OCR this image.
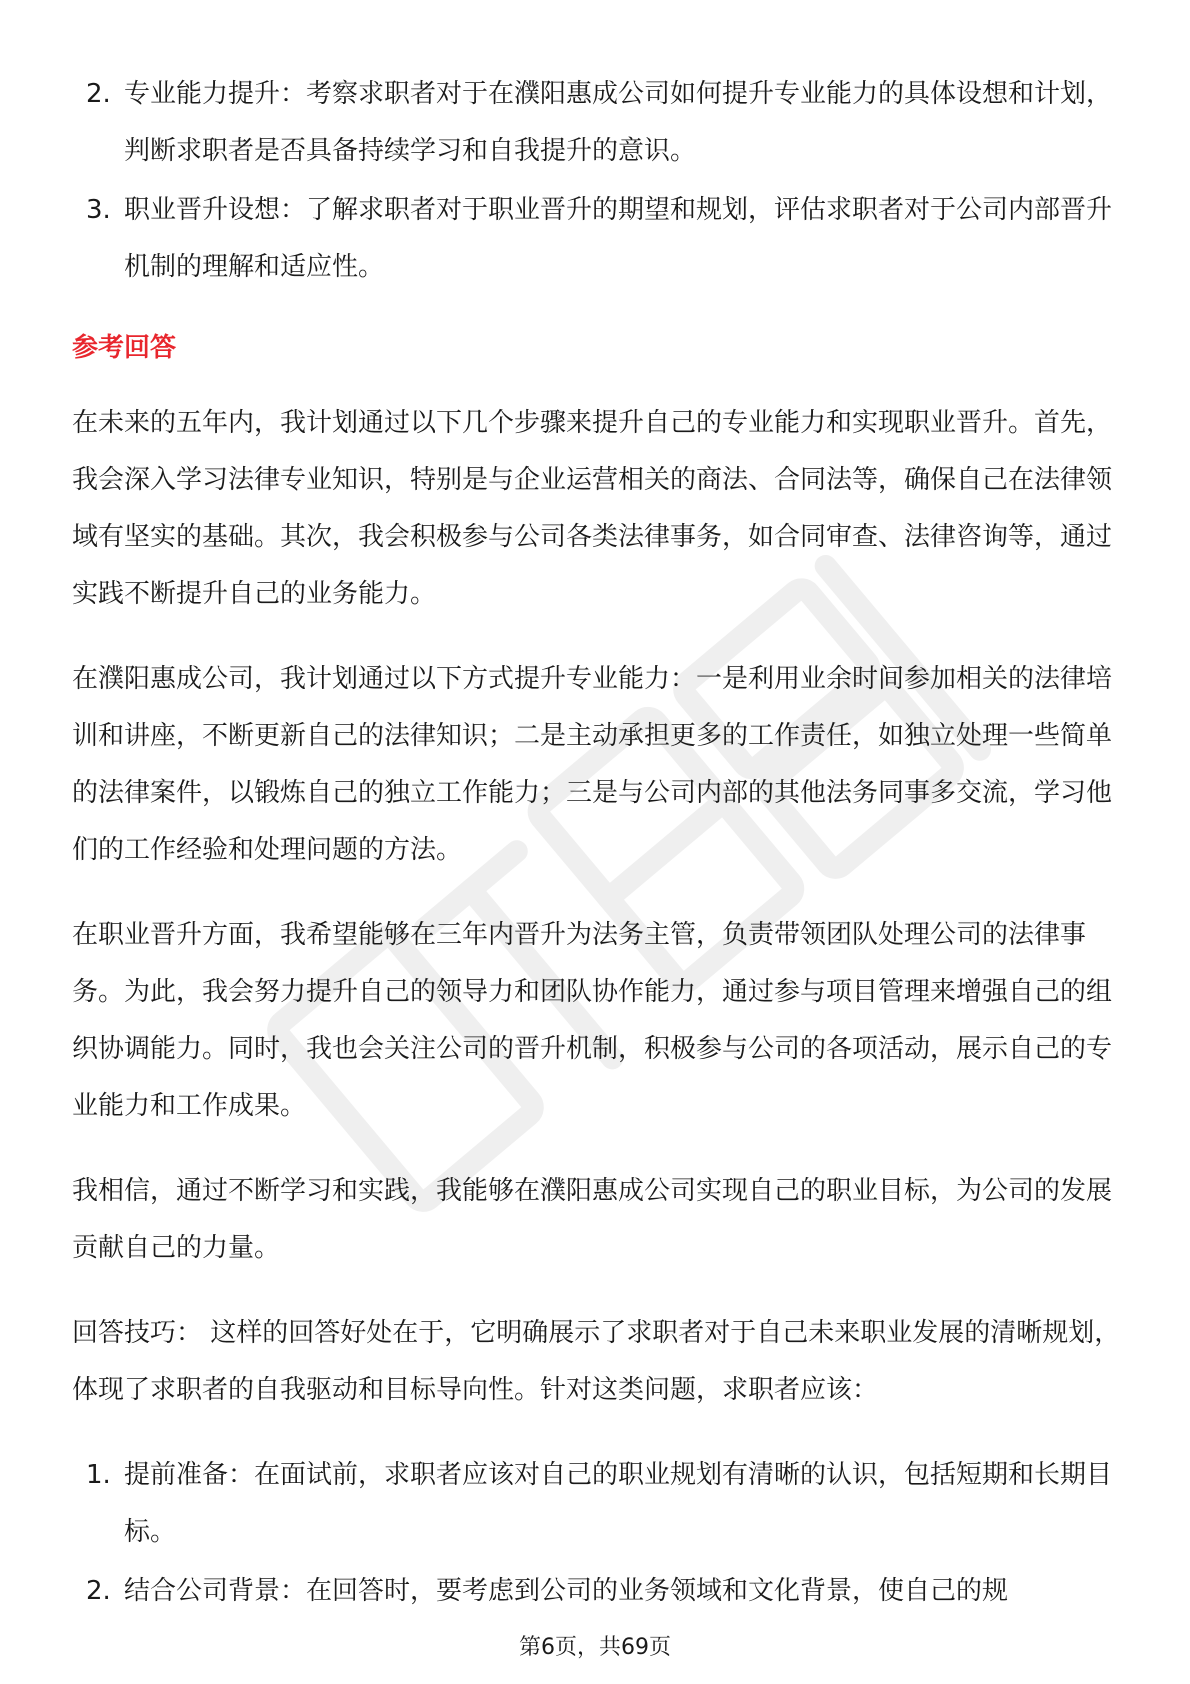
2. 专业能力提升：考察求职者对于在濮阳惠成公司如何提升专业能力的具体设想和计划，判断求职者是否具备持续学习和自我提升的意识。
3. 职业晋升设想：了解求职者对于职业晋升的期望和规划，评估求职者对于公司内部晋升机制的理解和适应性。
参考回答

在未来的五年内，我计划通过以下几个步骤来提升自己的专业能力和实现职业晋升。首先，我会深入学习法律专业知识，特别是与企业运营相关的商法、合同法等，确保自己在法律领域有坚实的基础。其次，我会积极参与公司各类法律事务，如合同审查、法律咨询等，通过实践不断提升自己的业务能力。

在濮阳惠成公司，我计划通过以下方式提升专业能力：一是利用业余时间参加相关的法律培训和讲座，不断更新自己的法律知识；二是主动承担更多的工作责任，如独立处理一些简单的法律案件，以锻炼自己的独立工作能力；三是与公司内部的其他法务同事多交流，学习他们的工作经验和处理问题的方法。

在职业晋升方面，我希望能够在三年内晋升为法务主管，负责带领团队处理公司的法律事务。为此，我会努力提升自己的领导力和团队协作能力，通过参与项目管理来增强自己的组织协调能力。同时，我也会关注公司的晋升机制，积极参与公司的各项活动，展示自己的专业能力和工作成果。

我相信，通过不断学习和实践，我能够在濮阳惠成公司实现自己的职业目标，为公司的发展贡献自己的力量。

回答技巧： 这样的回答好处在于，它明确展示了求职者对于自己未来职业发展的清晰规划，体现了求职者的自我驱动和目标导向性。针对这类问题，求职者应该：

1. 提前准备：在面试前，求职者应该对自己的职业规划有清晰的认识，包括短期和长期目标。
2. 结合公司背景：在回答时，要考虑到公司的业务领域和文化背景，使自己的规
第6页，共69页
